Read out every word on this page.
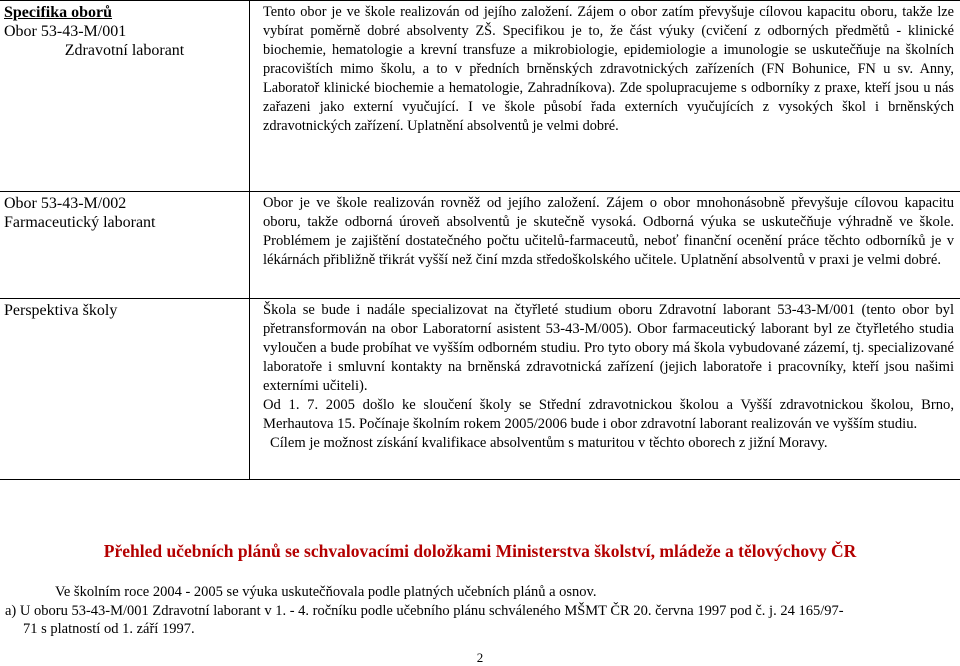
Specifika oborů
Obor 53-43-M/001
Zdravotní laborant
Tento obor je ve škole realizován od jejího založení. Zájem o obor zatím převyšuje cílovou kapacitu oboru, takže lze vybírat poměrně dobré absolventy ZŠ. Specifikou je to, že část výuky (cvičení z odborných předmětů - klinické biochemie, hematologie a krevní transfuze a mikrobiologie, epidemiologie a imunologie se uskutečňuje na školních pracovištích mimo školu, a to v předních brněnských zdravotnických zařízeních (FN Bohunice, FN u sv. Anny, Laboratoř klinické biochemie a hematologie, Zahradníkova). Zde spolupracujeme s odborníky z praxe, kteří jsou u nás zařazeni jako externí vyučující. I ve škole působí řada externích vyučujících z vysokých škol i brněnských zdravotnických zařízení. Uplatnění absolventů je velmi dobré.
Obor 53-43-M/002
Farmaceutický laborant
Obor je ve škole realizován rovněž od jejího založení. Zájem o obor mnohonásobně převyšuje cílovou kapacitu oboru, takže odborná úroveň absolventů je skutečně vysoká. Odborná výuka se uskutečňuje výhradně ve škole. Problémem je zajištění dostatečného počtu učitelů-farmaceutů, neboť finanční ocenění práce těchto odborníků je v lékárnách přibližně třikrát vyšší než činí mzda středoškolského učitele. Uplatnění absolventů v praxi je velmi dobré.
Perspektiva školy	Škola se bude i nadále specializovat na čtyřleté studium oboru Zdravotní laborant 53-43-M/001 (tento obor byl přetransformován na obor Laboratorní asistent 53-43-M/005). Obor farmaceutický laborant byl ze čtyřletého studia vyloučen a bude probíhat ve vyšším odborném studiu. Pro tyto obory má škola vybudované zázemí, tj. specializované laboratoře i smluvní kontakty na brněnská zdravotnická zařízení (jejich laboratoře i pracovníky, kteří jsou našimi externími učiteli).

Od 1. 7. 2005 došlo ke sloučení školy se Střední zdravotnickou školou a Vyšší zdravotnickou školou, Brno, Merhautova 15. Počínaje školním rokem 2005/2006 bude i obor zdravotní laborant realizován ve vyšším studiu.

Cílem je možnost získání kvalifikace absolventům s maturitou v těchto oborech z jižní Moravy.

Přehled učebních plánů se schvalovacími doložkami Ministerstva školství, mládeže a tělovýchovy ČR
Ve školním roce 2004 - 2005 se výuka uskutečňovala podle platných učebních plánů a osnov.
a) U oboru 53-43-M/001 Zdravotní laborant v 1. - 4. ročníku podle učebního plánu schváleného MŠMT ČR 20. června 1997 pod č. j. 24 165/97-
71 s platností od 1. září 1997.
2
